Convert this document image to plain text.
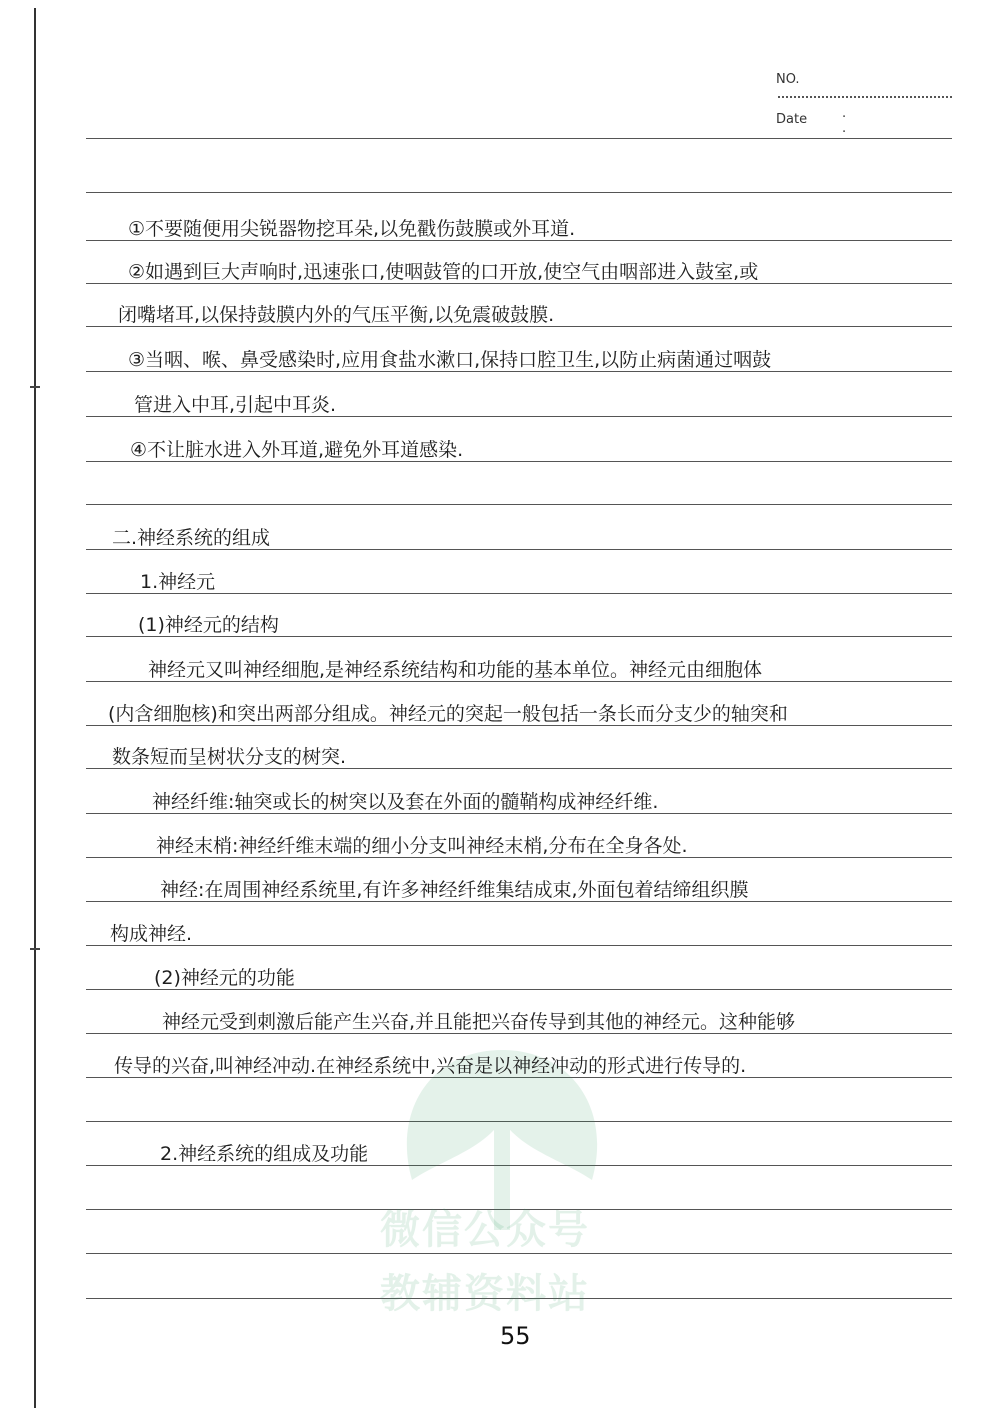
NO.
Date	· ·
微信公众号
教辅资料站
①不要随便用尖锐器物挖耳朵,以免戳伤鼓膜或外耳道.
②如遇到巨大声响时,迅速张口,使咽鼓管的口开放,使空气由咽部进入鼓室,或
闭嘴堵耳,以保持鼓膜内外的气压平衡,以免震破鼓膜.
③当咽、喉、鼻受感染时,应用食盐水漱口,保持口腔卫生,以防止病菌通过咽鼓
管进入中耳,引起中耳炎.
④不让脏水进入外耳道,避免外耳道感染.
二.神经系统的组成
1.神经元
(1)神经元的结构
神经元又叫神经细胞,是神经系统结构和功能的基本单位。神经元由细胞体
(内含细胞核)和突出两部分组成。神经元的突起一般包括一条长而分支少的轴突和
数条短而呈树状分支的树突.
神经纤维:轴突或长的树突以及套在外面的髓鞘构成神经纤维.
神经末梢:神经纤维末端的细小分支叫神经末梢,分布在全身各处.
神经:在周围神经系统里,有许多神经纤维集结成束,外面包着结缔组织膜
构成神经.
(2)神经元的功能
神经元受到刺激后能产生兴奋,并且能把兴奋传导到其他的神经元。这种能够
传导的兴奋,叫神经冲动.在神经系统中,兴奋是以神经冲动的形式进行传导的.
2.神经系统的组成及功能
55
